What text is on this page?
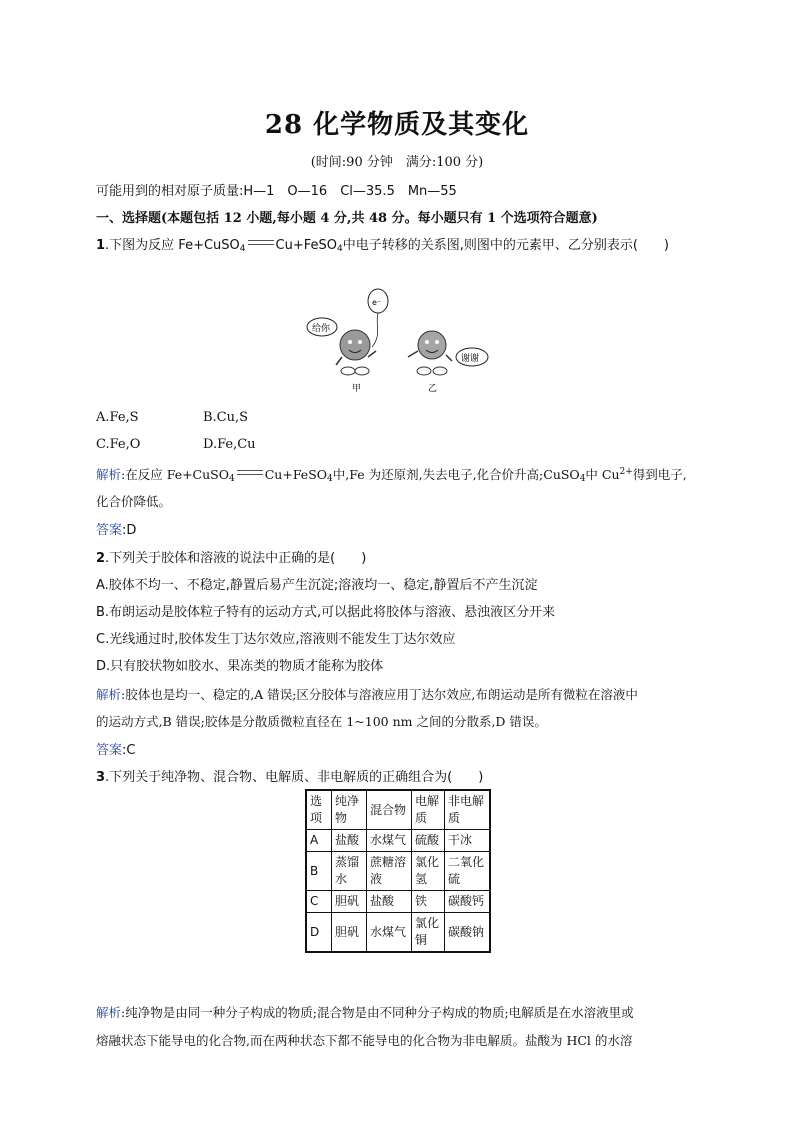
28 化学物质及其变化
(时间:90 分钟　满分:100 分)
可能用到的相对原子质量:H—1　O—16　Cl—35.5　Mn—55
一、选择题(本题包括 12 小题,每小题 4 分,共 48 分。每小题只有 1 个选项符合题意)
1.下图为反应 Fe+CuSO$_4$ Cu+FeSO$_4$中电子转移的关系图,则图中的元素甲、乙分别表示(　　)
e⁻
给你
甲	乙
谢谢
A.Fe,S	B.Cu,S
C.Fe,O	D.Fe,Cu
解析:在反应 Fe+CuSO$_4$ Cu+FeSO$_4$中,Fe 为还原剂,失去电子,化合价升高;CuSO$_4$中 $Cu^{2+}$得到电子,
化合价降低。
答案:D
2.下列关于胶体和溶液的说法中正确的是(　　)
A.胶体不均一、不稳定,静置后易产生沉淀;溶液均一、稳定,静置后不产生沉淀
B.布朗运动是胶体粒子特有的运动方式,可以据此将胶体与溶液、悬浊液区分开来
C.光线通过时,胶体发生丁达尔效应,溶液则不能发生丁达尔效应
D.只有胶状物如胶水、果冻类的物质才能称为胶体
解析:胶体也是均一、稳定的,A 错误;区分胶体与溶液应用丁达尔效应,布朗运动是所有微粒在溶液中
的运动方式,B 错误;胶体是分散质微粒直径在 1~100 nm 之间的分散系,D 错误。
答案:C
3.下列关于纯净物、混合物、电解质、非电解质的正确组合为(　　)
选项	纯净物	混合物	电解质	非电解质
A	盐酸	水煤气	硫酸	干冰
B	蒸馏水	蔗糖溶液	氯化氢	二氧化硫
C	胆矾	盐酸	铁	碳酸钙
D	胆矾	水煤气	氯化铜	碳酸钠
解析:纯净物是由同一种分子构成的物质;混合物是由不同种分子构成的物质;电解质是在水溶液里或
熔融状态下能导电的化合物,而在两种状态下都不能导电的化合物为非电解质。盐酸为 HCl 的水溶
